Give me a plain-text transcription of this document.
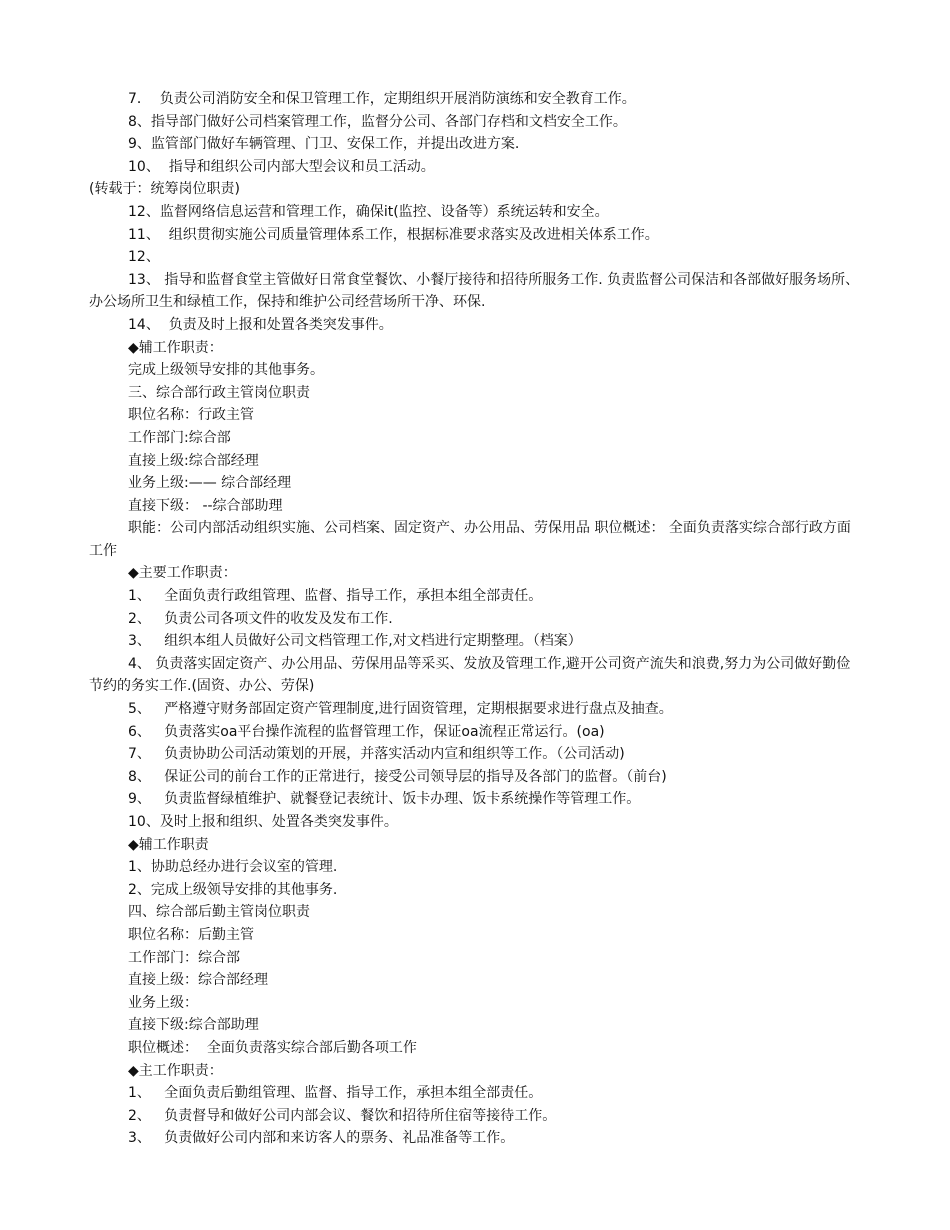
7．  负责公司消防安全和保卫管理工作，定期组织开展消防演练和安全教育工作。
8、指导部门做好公司档案管理工作，监督分公司、各部门存档和文档安全工作。
9、监管部门做好车辆管理、门卫、安保工作，并提出改进方案.
10、  指导和组织公司内部大型会议和员工活动。
(转载于：统筹岗位职责)
12、监督网络信息运营和管理工作，确保it(监控、设备等）系统运转和安全。
11、  组织贯彻实施公司质量管理体系工作，根据标准要求落实及改进相关体系工作。
12、
13、 指导和监督食堂主管做好日常食堂餐饮、小餐厅接待和招待所服务工作. 负责监督公司保洁和各部做好服务场所、办公场所卫生和绿植工作，保持和维护公司经营场所干净、环保.
14、  负责及时上报和处置各类突发事件。
◆辅工作职责：
完成上级领导安排的其他事务。
三、综合部行政主管岗位职责
职位名称：行政主管
工作部门:综合部
直接上级:综合部经理
业务上级:—— 综合部经理
直接下级： --综合部助理
职能：公司内部活动组织实施、公司档案、固定资产、办公用品、劳保用品 职位概述： 全面负责落实综合部行政方面工作
◆主要工作职责：
1、   全面负责行政组管理、监督、指导工作，承担本组全部责任。
2、   负责公司各项文件的收发及发布工作.
3、   组织本组人员做好公司文档管理工作,对文档进行定期整理。（档案）
4、 负责落实固定资产、办公用品、劳保用品等采买、发放及管理工作,避开公司资产流失和浪费,努力为公司做好勤俭节约的务实工作.(固资、办公、劳保)
5、   严格遵守财务部固定资产管理制度,进行固资管理，定期根据要求进行盘点及抽查。
6、   负责落实oa平台操作流程的监督管理工作，保证oa流程正常运行。(oa)
7、   负责协助公司活动策划的开展，并落实活动内宣和组织等工作。（公司活动)
8、   保证公司的前台工作的正常进行，接受公司领导层的指导及各部门的监督。（前台)
9、   负责监督绿植维护、就餐登记表统计、饭卡办理、饭卡系统操作等管理工作。
10、及时上报和组织、处置各类突发事件。
◆辅工作职责
1、协助总经办进行会议室的管理.
2、完成上级领导安排的其他事务.
四、综合部后勤主管岗位职责
职位名称：后勤主管
工作部门：综合部
直接上级：综合部经理
业务上级：
直接下级:综合部助理
职位概述：  全面负责落实综合部后勤各项工作
◆主工作职责：
1、   全面负责后勤组管理、监督、指导工作，承担本组全部责任。
2、   负责督导和做好公司内部会议、餐饮和招待所住宿等接待工作。
3、   负责做好公司内部和来访客人的票务、礼品准备等工作。
